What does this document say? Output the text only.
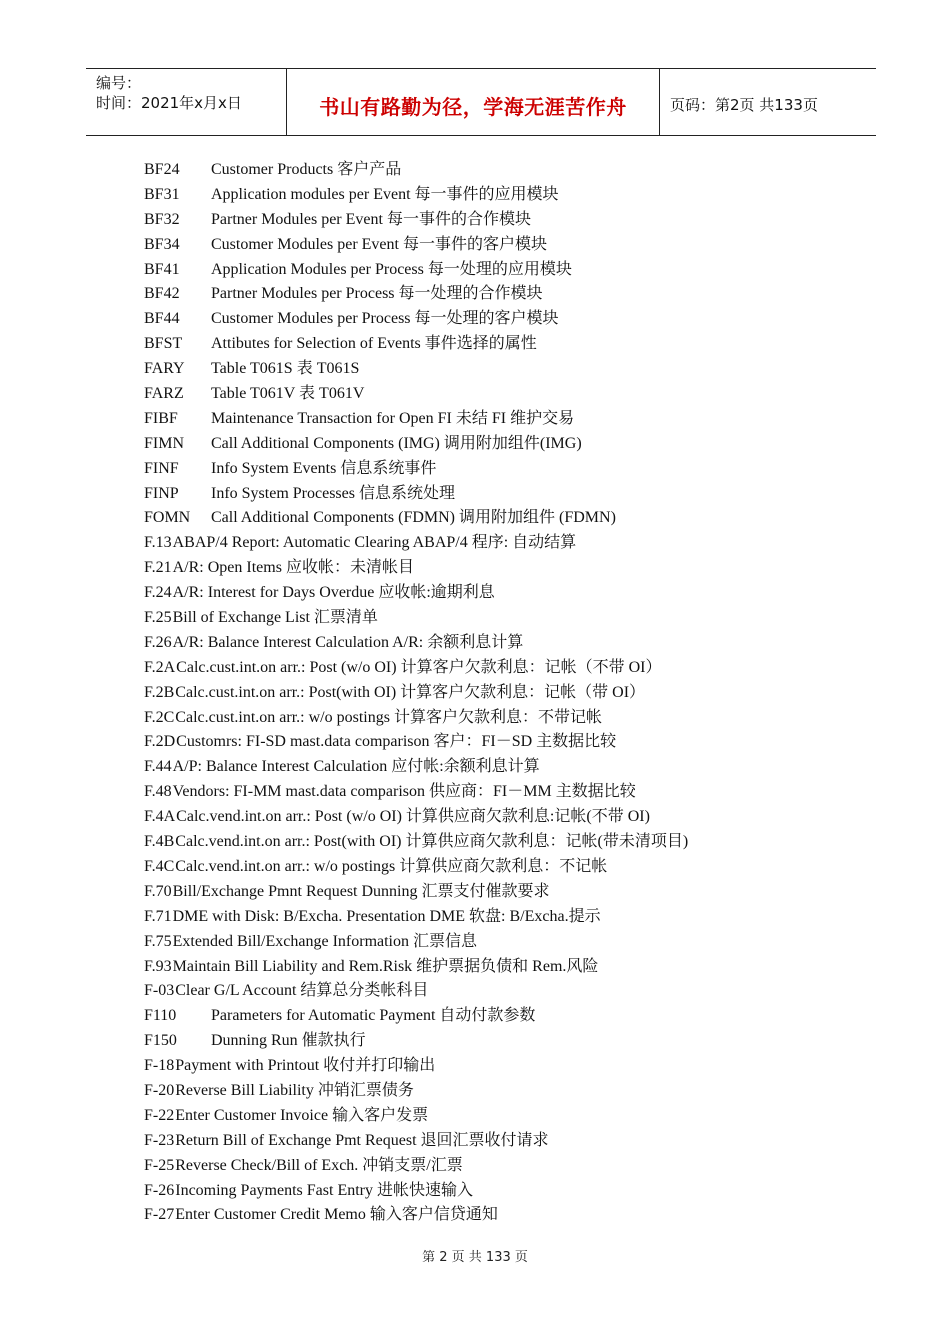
编号：
时间：2021年x月x日	书山有路勤为径，学海无涯苦作舟	页码：第2页 共133页
BF24	Customer Products 客户产品
BF31	Application modules per Event 每一事件的应用模块
BF32	Partner Modules per Event 每一事件的合作模块
BF34	Customer Modules per Event 每一事件的客户模块
BF41	Application Modules per Process 每一处理的应用模块
BF42	Partner Modules per Process 每一处理的合作模块
BF44	Customer Modules per Process 每一处理的客户模块
BFST	Attibutes for Selection of Events 事件选择的属性
FARY	Table T061S 表 T061S
FARZ	Table T061V 表 T061V
FIBF	Maintenance Transaction for Open FI 未结 FI 维护交易
FIMN	Call Additional Components (IMG) 调用附加组件(IMG)
FINF	Info System Events 信息系统事件
FINP	Info System Processes 信息系统处理
FOMN	Call Additional Components (FDMN) 调用附加组件 (FDMN)
F.13 ABAP/4 Report: Automatic Clearing ABAP/4 程序: 自动结算
F.21 A/R: Open Items 应收帐：未清帐目
F.24 A/R: Interest for Days Overdue 应收帐:逾期利息
F.25 Bill of Exchange List 汇票清单
F.26 A/R: Balance Interest Calculation A/R: 余额利息计算
F.2A Calc.cust.int.on arr.: Post (w/o OI) 计算客户欠款利息：记帐（不带 OI）
F.2B Calc.cust.int.on arr.: Post(with OI) 计算客户欠款利息：记帐（带 OI）
F.2C Calc.cust.int.on arr.: w/o postings 计算客户欠款利息：不带记帐
F.2D Customrs: FI-SD mast.data comparison 客户：FI－SD 主数据比较
F.44 A/P: Balance Interest Calculation 应付帐:余额利息计算
F.48 Vendors: FI-MM mast.data comparison 供应商：FI－MM 主数据比较
F.4A Calc.vend.int.on arr.: Post (w/o OI) 计算供应商欠款利息:记帐(不带 OI)
F.4B Calc.vend.int.on arr.: Post(with OI) 计算供应商欠款利息：记帐(带未清项目)
F.4C Calc.vend.int.on arr.: w/o postings 计算供应商欠款利息：不记帐
F.70 Bill/Exchange Pmnt Request Dunning 汇票支付催款要求
F.71 DME with Disk: B/Excha. Presentation DME 软盘: B/Excha.提示
F.75 Extended Bill/Exchange Information 汇票信息
F.93 Maintain Bill Liability and Rem.Risk 维护票据负债和 Rem.风险
F-03 Clear G/L Account 结算总分类帐科目
F110	Parameters for Automatic Payment 自动付款参数
F150	Dunning Run 催款执行
F-18 Payment with Printout 收付并打印输出
F-20 Reverse Bill Liability 冲销汇票债务
F-22 Enter Customer Invoice 输入客户发票
F-23 Return Bill of Exchange Pmt Request 退回汇票收付请求
F-25 Reverse Check/Bill of Exch. 冲销支票/汇票
F-26 Incoming Payments Fast Entry 进帐快速输入
F-27 Enter Customer Credit Memo 输入客户信贷通知
第 2 页 共 133 页
